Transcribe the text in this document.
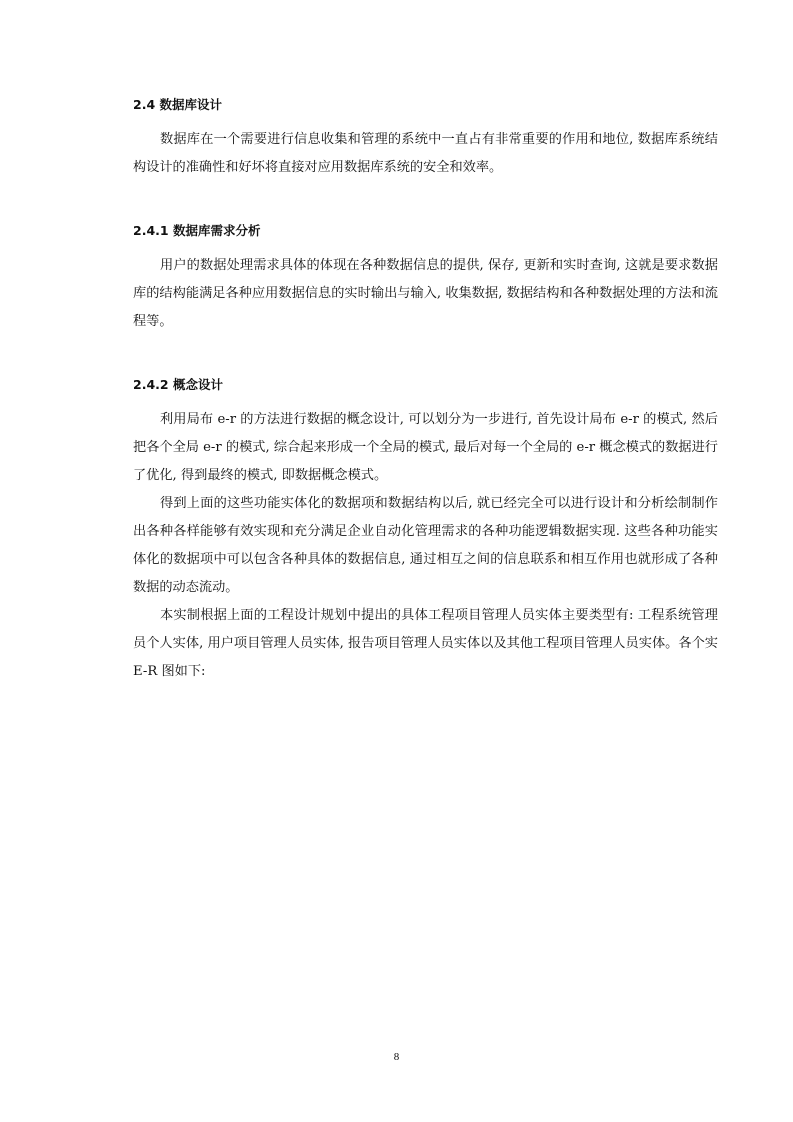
2.4 数据库设计

数据库在一个需要进行信息收集和管理的系统中一直占有非常重要的作用和地位, 数据库系统结构设计的准确性和好坏将直接对应用数据库系统的安全和效率。

2.4.1 数据库需求分析

用户的数据处理需求具体的体现在各种数据信息的提供, 保存, 更新和实时查询, 这就是要求数据库的结构能满足各种应用数据信息的实时输出与输入, 收集数据, 数据结构和各种数据处理的方法和流程等。

2.4.2 概念设计

利用局布 e-r 的方法进行数据的概念设计, 可以划分为一步进行, 首先设计局布 e-r 的模式, 然后把各个全局 e-r 的模式, 综合起来形成一个全局的模式, 最后对每一个全局的 e-r 概念模式的数据进行了优化, 得到最终的模式, 即数据概念模式。

得到上面的这些功能实体化的数据项和数据结构以后, 就已经完全可以进行设计和分析绘制制作出各种各样能够有效实现和充分满足企业自动化管理需求的各种功能逻辑数据实现. 这些各种功能实体化的数据项中可以包含各种具体的数据信息, 通过相互之间的信息联系和相互作用也就形成了各种数据的动态流动。

本实制根据上面的工程设计规划中提出的具体工程项目管理人员实体主要类型有: 工程系统管理员个人实体, 用户项目管理人员实体, 报告项目管理人员实体以及其他工程项目管理人员实体。各个实 E-R 图如下:

8
